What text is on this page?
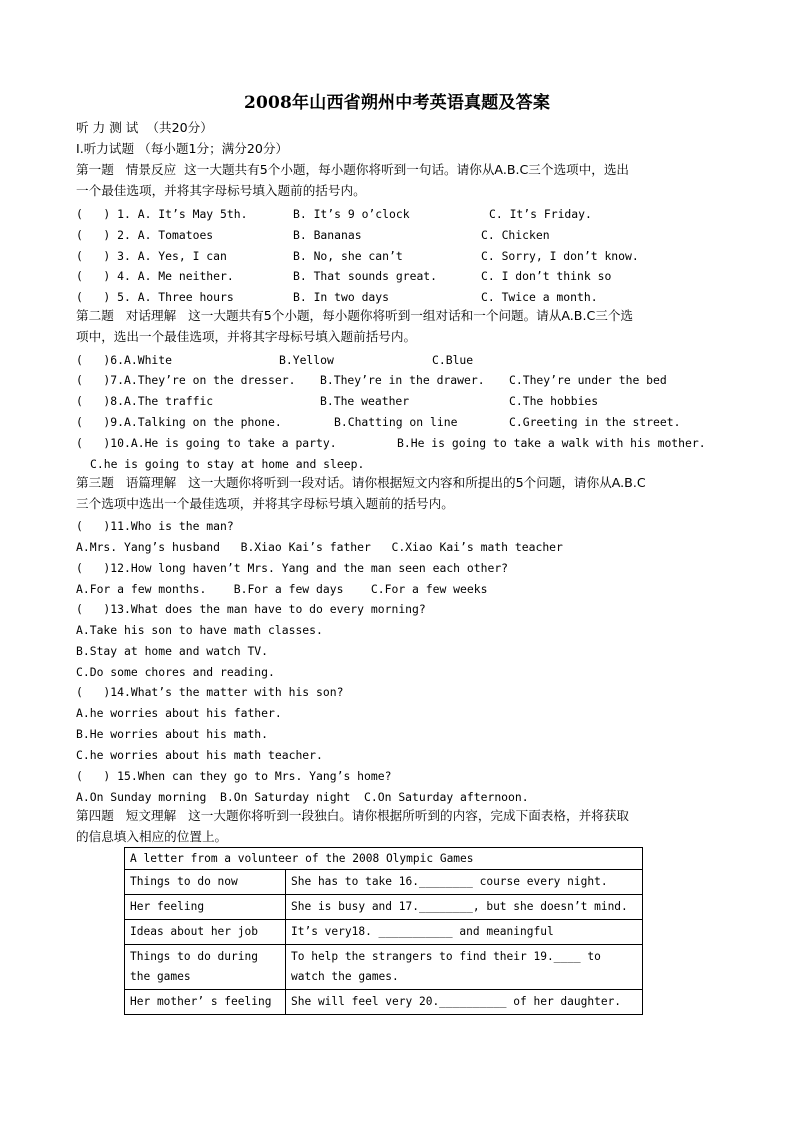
2008年山西省朔州中考英语真题及答案
听 力 测 试  （共20分）
I.听力试题 （每小题1分；满分20分）
第一题   情景反应  这一大题共有5个小题，每小题你将听到一句话。请你从A.B.C三个选项中，选出
一个最佳选项，并将其字母标号填入题前的括号内。
(   ) 1. A. It’s May 5th.	B. It’s 9 o’clock	C. It’s Friday.
(   ) 2. A. Tomatoes	B. Bananas	C. Chicken
(   ) 3. A. Yes, I can	B. No, she can’t	C. Sorry, I don’t know.
(   ) 4. A. Me neither.	B. That sounds great.	C. I don’t think so
(   ) 5. A. Three hours	B. In two days	C. Twice a month.
第二题   对话理解   这一大题共有5个小题，每小题你将听到一组对话和一个问题。请从A.B.C三个选
项中，选出一个最佳选项，并将其字母标号填入题前括号内。
(   )6.A.White	B.Yellow	C.Blue
(   )7.A.They’re on the dresser. B.They’re in the drawer. C.They’re under the bed
(   )8.A.The traffic	B.The weather	C.The hobbies
(   )9.A.Talking on the phone.	B.Chatting on line	C.Greeting in the street.
(   )10.A.He is going to take a party.	B.He is going to take a walk with his mother.
C.he is going to stay at home and sleep.
第三题   语篇理解   这一大题你将听到一段对话。请你根据短文内容和所提出的5个问题，请你从A.B.C
三个选项中选出一个最佳选项，并将其字母标号填入题前的括号内。
(   )11.Who is the man?
A.Mrs. Yang’s husband   B.Xiao Kai’s father   C.Xiao Kai’s math teacher
(   )12.How long haven’t Mrs. Yang and the man seen each other?
A.For a few months.    B.For a few days    C.For a few weeks
(   )13.What does the man have to do every morning?
A.Take his son to have math classes.
B.Stay at home and watch TV.
C.Do some chores and reading.
(   )14.What’s the matter with his son?
A.he worries about his father.
B.He worries about his math.
C.he worries about his math teacher.
(   ) 15.When can they go to Mrs. Yang’s home?
A.On Sunday morning  B.On Saturday night  C.On Saturday afternoon.
第四题   短文理解   这一大题你将听到一段独白。请你根据所听到的内容，完成下面表格，并将获取
的信息填入相应的位置上。
A letter from a volunteer of the 2008 Olympic Games	
Things to do now	She has to take 16.________ course every night.
Her feeling	She is busy and 17.________, but she doesn’t mind.
Ideas about her job	It’s very18. ___________ and meaningful
Things to do during the games	To help the strangers to find their 19.____ to watch the games.
Her mother’ s feeling	She will feel very 20.__________ of her daughter.
